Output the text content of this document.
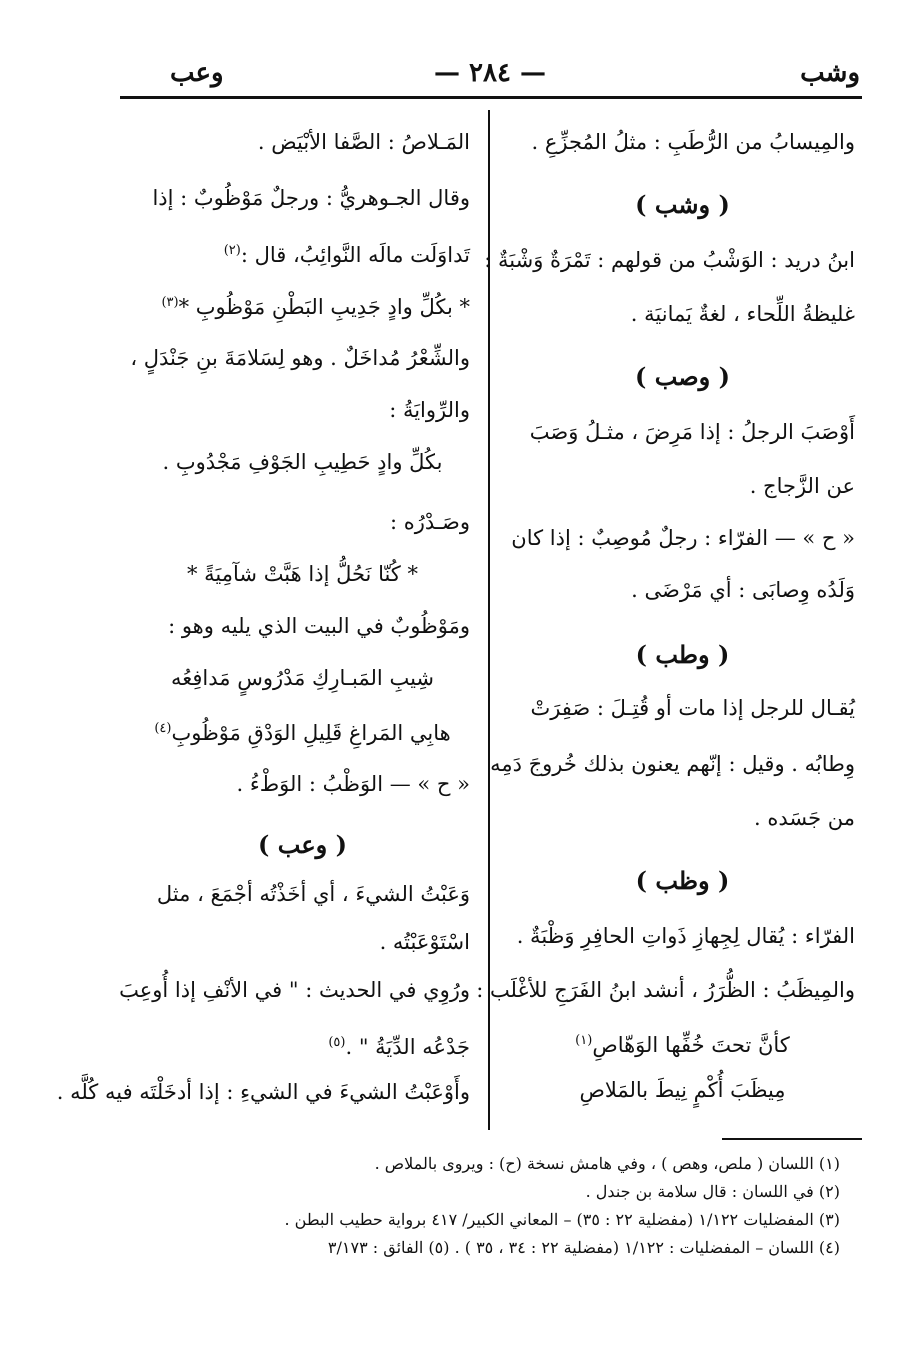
وشب
— ٢٨٤ —
وعب
والمِيسابُ من الرُّطَبِ : مثلُ المُجزِّعِ .
( وشب )
ابنُ دريد : الوَشْبُ من قولهم : تَمْرَةٌ وَشْبَةٌ :
غليظةُ اللِّحاء ، لغةٌ يَمانيَة .
( وصب )
أَوْصَبَ الرجلُ : إذا مَرِضَ ، مثـلُ وَصَبَ
عن الزَّجاج .
« ح » — الفرّاء : رجلٌ مُوصِبٌ : إذا كان
وَلَدُه وِصابَى : أي مَرْضَى .
( وطب )
يُقـال للرجل إذا مات أو قُتِـلَ : صَفِرَتْ
وِطابُه . وقيل : إنّهم يعنون بذلك خُروجَ دَمِه
من جَسَده .
( وظب )
الفرّاء : يُقال لِجِهازِ ذَواتِ الحافِرِ وَظْبَةٌ .
والمِيظَبُ : الظُّرَرُ ، أنشد ابنُ الفَرَجِ للأغْلَب :
كأنَّ تحتَ خُفِّها الوَهّاصِ$^{(١)}$
مِيظَبَ أُكْمٍ نِيطَ بالمَلاصِ
المَـلاصُ : الصَّفا الأبْيَض .
وقال الجـوهريُّ : ورجلٌ مَوْظُوبٌ : إذا
تَداوَلَت مالَه النَّوائِبُ، قال :$^{(٢)}$
* بكُلِّ وادٍ جَدِيبِ البَطْنِ مَوْظُوبِ *$^{(٣)}$
والشِّعْرُ مُداخَلٌ . وهو لِسَلامَةَ بنِ جَنْدَلٍ ،
والرِّوايَةُ :
بكُلِّ وادٍ حَطِيبِ الجَوْفِ مَجْدُوبِ .
وصَـدْرُه :
* كُنّا نَحُلُّ إذا هَبَّتْ شآمِيَةً *
ومَوْظُوبٌ في البيت الذي يليه وهو :
شِيبِ المَبـارِكِ مَدْرُوسٍ مَدافِعُه
هابِي المَراغِ قَلِيلِ الوَدْقِ مَوْظُوبِ$^{(٤)}$
« ح » — الوَظْبُ : الوَطْءُ .
( وعب )
وَعَبْتُ الشيءَ ، أي أخَذْتُه أجْمَعَ ، مثل
اسْتَوْعَبْتُه .
ورُوِي في الحديث : " في الأنْفِ إذا أُوعِبَ
جَدْعُه الدِّيَةُ " .$^{(٥)}$
وأَوْعَبْتُ الشيءَ في الشيءِ : إذا أدخَلْتَه فيه كُلَّه .
(١) اللسان ( ملص، وهص ) ، وفي هامش نسخة (ح) : ويروى بالملاص .
(٢) في اللسان : قال سلامة بن جندل .
(٣) المفضليات ١/١٢٢ (مفضلية ٢٢ : ٣٥) – المعاني الكبير/ ٤١٧ برواية حطيب البطن .
(٤) اللسان – المفضليات : ١/١٢٢ (مفضلية ٢٢ : ٣٤ ، ٣٥ ) . (٥) الفائق : ٣/١٧٣
